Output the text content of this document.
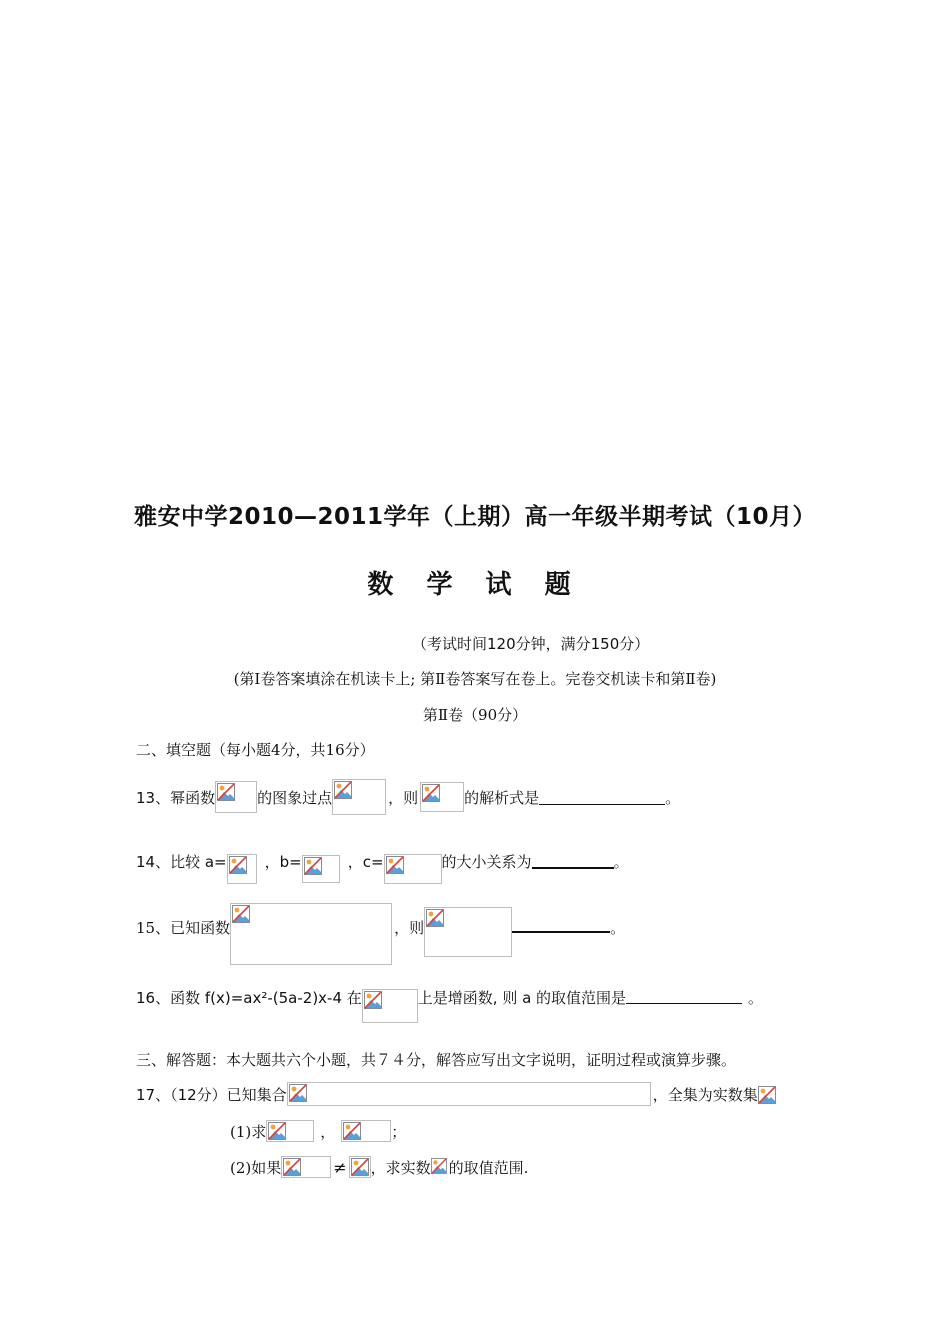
雅安中学2010—2011学年（上期）高一年级半期考试（10月）
数 学 试 题
（考试时间120分钟，满分150分）
(第Ⅰ卷答案填涂在机读卡上; 第Ⅱ卷答案写在卷上。完卷交机读卡和第Ⅱ卷)
第Ⅱ卷（90分）
二、填空题（每小题4分，共16分）
13、幂函数	的图象过点	，则	的解析式是	。
14、比较 a=	，b=	，c=	的大小关系为	。
15、已知函数	，则	。
16、函数 f(x)=ax²-(5a-2)x-4 在	上是增函数, 则 a 的取值范围是	。
三、解答题：本大题共六个小题，共７４分，解答应写出文字说明，证明过程或演算步骤。
17、（12分）已知集合	，全集为实数集
(1)求	，	；
(2)如果	≠ ，求实数 的取值范围.
